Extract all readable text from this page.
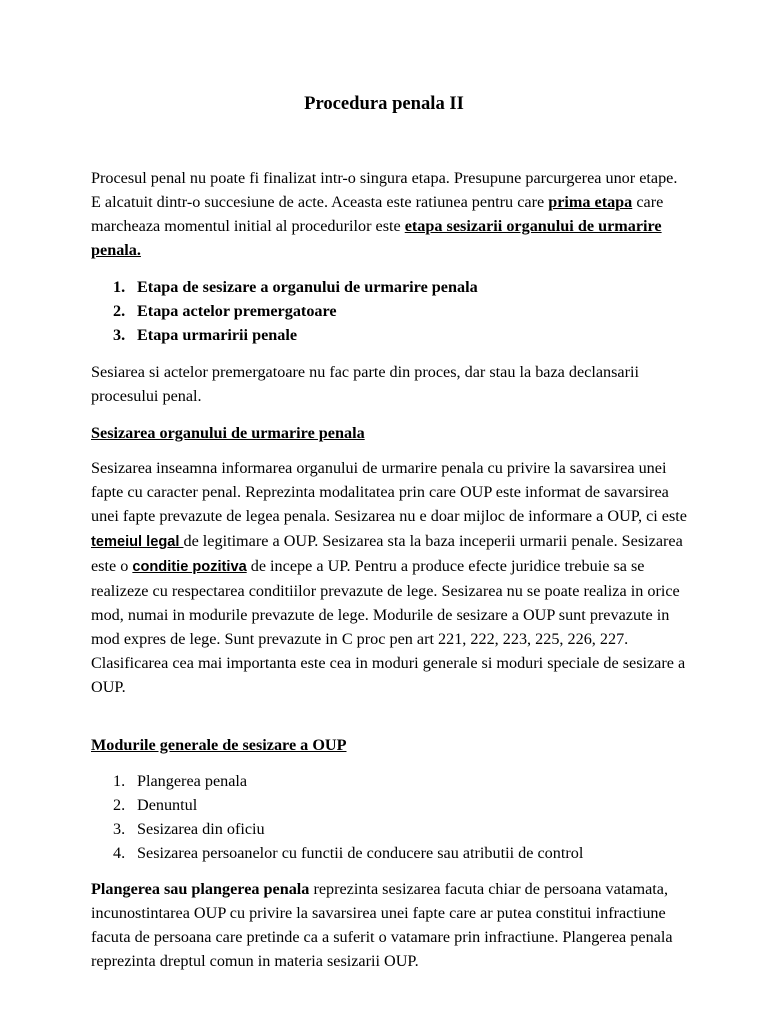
Procedura penala II

Procesul penal nu poate fi finalizat intr-o singura etapa. Presupune parcurgerea unor etape. E alcatuit dintr-o succesiune de acte. Aceasta este ratiunea pentru care prima etapa care marcheaza momentul initial al procedurilor este etapa sesizarii organului de urmarire penala.

1. Etapa de sesizare a organului de urmarire penala
2. Etapa actelor premergatoare
3. Etapa urmaririi penale

Sesiarea si actelor premergatoare nu fac parte din proces, dar stau la baza declansarii procesului penal.

Sesizarea organului de urmarire penala

Sesizarea inseamna informarea organului de urmarire penala cu privire la savarsirea unei fapte cu caracter penal. Reprezinta modalitatea prin care OUP este informat de savarsirea unei fapte prevazute de legea penala. Sesizarea nu e doar mijloc de informare a OUP, ci este temeiul legal de legitimare a OUP. Sesizarea sta la baza inceperii urmarii penale. Sesizarea este o conditie pozitiva de incepe a UP. Pentru a produce efecte juridice trebuie sa se realizeze cu respectarea conditiilor prevazute de lege. Sesizarea nu se poate realiza in orice mod, numai in modurile prevazute de lege. Modurile de sesizare a OUP sunt prevazute in mod expres de lege. Sunt prevazute in C proc pen art 221, 222, 223, 225, 226, 227. Clasificarea cea mai importanta este cea in moduri generale si moduri speciale de sesizare a OUP.

Modurile generale de sesizare a OUP

1. Plangerea penala
2. Denuntul
3. Sesizarea din oficiu
4. Sesizarea persoanelor cu functii de conducere sau atributii de control

Plangerea sau plangerea penala reprezinta sesizarea facuta chiar de persoana vatamata, incunostintarea OUP cu privire la savarsirea unei fapte care ar putea constitui infractiune facuta de persoana care pretinde ca a suferit o vatamare prin infractiune. Plangerea penala reprezinta dreptul comun in materia sesizarii OUP.
